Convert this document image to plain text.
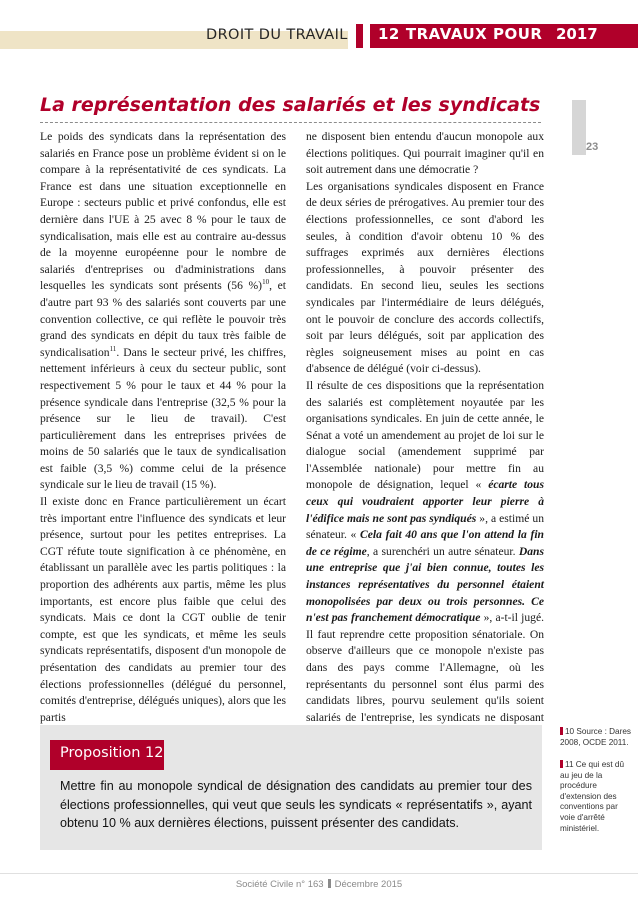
DROIT DU TRAVAIL 12 TRAVAUX POUR 2017
La représentation des salariés et les syndicats
23

Le poids des syndicats dans la représentation des salariés en France pose un problème évident si on le compare à la représentativité de ces syndicats. La France est dans une situation exceptionnelle en Europe : secteurs public et privé confondus, elle est dernière dans l'UE à 25 avec 8 % pour le taux de syndicalisation, mais elle est au contraire au-dessus de la moyenne européenne pour le nombre de salariés d'entreprises ou d'administrations dans lesquelles les syndicats sont présents (56 %)$^{10}$, et d'autre part 93 % des salariés sont couverts par une convention collective, ce qui reflète le pouvoir très grand des syndicats en dépit du taux très faible de syndicalisation$^{11}$. Dans le secteur privé, les chiffres, nettement inférieurs à ceux du secteur public, sont respectivement 5 % pour le taux et 44 % pour la présence syndicale dans l'entreprise (32,5 % pour la présence sur le lieu de travail). C'est particulièrement dans les entreprises privées de moins de 50 salariés que le taux de syndicalisation est faible (3,5 %) comme celui de la présence syndicale sur le lieu de travail (15 %).

Il existe donc en France particulièrement un écart très important entre l'influence des syndicats et leur présence, surtout pour les petites entreprises. La CGT réfute toute signification à ce phénomène, en établissant un parallèle avec les partis politiques : la proportion des adhérents aux partis, même les plus importants, est encore plus faible que celui des syndicats. Mais ce dont la CGT oublie de tenir compte, est que les syndicats, et même les seuls syndicats représentatifs, disposent d'un monopole de présentation des candidats au premier tour des élections professionnelles (délégué du personnel, comités d'entreprise, délégués uniques), alors que les partis

ne disposent bien entendu d'aucun monopole aux élections politiques. Qui pourrait imaginer qu'il en soit autrement dans une démocratie ?

Les organisations syndicales disposent en France de deux séries de prérogatives. Au premier tour des élections professionnelles, ce sont d'abord les seules, à condition d'avoir obtenu 10 % des suffrages exprimés aux dernières élections professionnelles, à pouvoir présenter des candidats. En second lieu, seules les sections syndicales par l'intermédiaire de leurs délégués, ont le pouvoir de conclure des accords collectifs, soit par leurs délégués, soit par application des règles soigneusement mises au point en cas d'absence de délégué (voir ci-dessus).

Il résulte de ces dispositions que la représentation des salariés est complètement noyautée par les organisations syndicales. En juin de cette année, le Sénat a voté un amendement au projet de loi sur le dialogue social (amendement supprimé par l'Assemblée nationale) pour mettre fin au monopole de désignation, lequel « écarte tous ceux qui voudraient apporter leur pierre à l'édifice mais ne sont pas syndiqués », a estimé un sénateur. « Cela fait 40 ans que l'on attend la fin de ce régime, a surenchéri un autre sénateur. Dans une entreprise que j'ai bien connue, toutes les instances représentatives du personnel étaient monopolisées par deux ou trois personnes. Ce n'est pas franchement démocratique », a-t-il jugé. Il faut reprendre cette proposition sénatoriale. On observe d'ailleurs que ce monopole n'existe pas dans des pays comme l'Allemagne, où les représentants du personnel sont élus parmi des candidats libres, pourvu seulement qu'ils soient salariés de l'entreprise, les syndicats ne disposant

10 Source : Dares 2008, OCDE 2011.
11 Ce qui est dû au jeu de la procédure d'extension des conventions par voie d'arrêté ministériel.
Proposition 12
Mettre fin au monopole syndical de désignation des candidats au premier tour des élections professionnelles, qui veut que seuls les syndicats « représentatifs », ayant obtenu 10 % aux dernières élections, puissent présenter des candidats.
Société Civile n° 163 Décembre 2015
